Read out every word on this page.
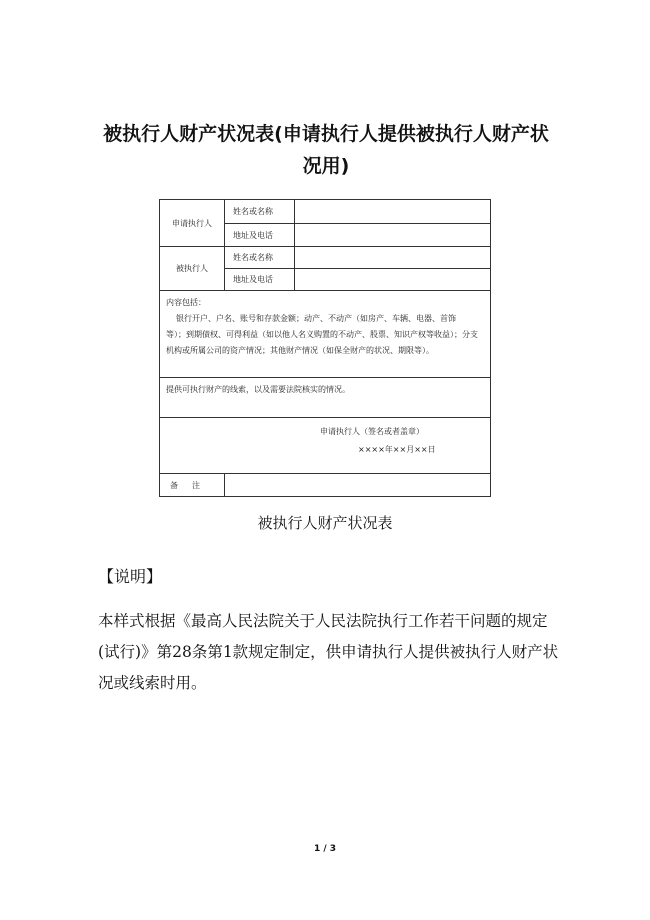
被执行人财产状况表(申请执行人提供被执行人财产状况用)
申请执行人	姓名或名称	
	地址及电话	
被执行人	姓名或名称	
	地址及电话	

内容包括：
银行开户、户名、账号和存款金额；动产、不动产（如房产、车辆、电器、首饰
等）；到期债权、可得利益（如以他人名义购置的不动产、股票、知识产权等收益）；分支
机构或所属公司的资产情况；其他财产情况（如保全财产的状况、期限等）。		

提供可执行财产的线索，以及需要法院核实的情况。		

申请执行人（签名或者盖章）
××××年××月××日		

备注		
被执行人财产状况表
【说明】

本样式根据《最高人民法院关于人民法院执行工作若干问题的规定(试行)》第28条第1款规定制定，供申请执行人提供被执行人财产状况或线索时用。

1 / 3
